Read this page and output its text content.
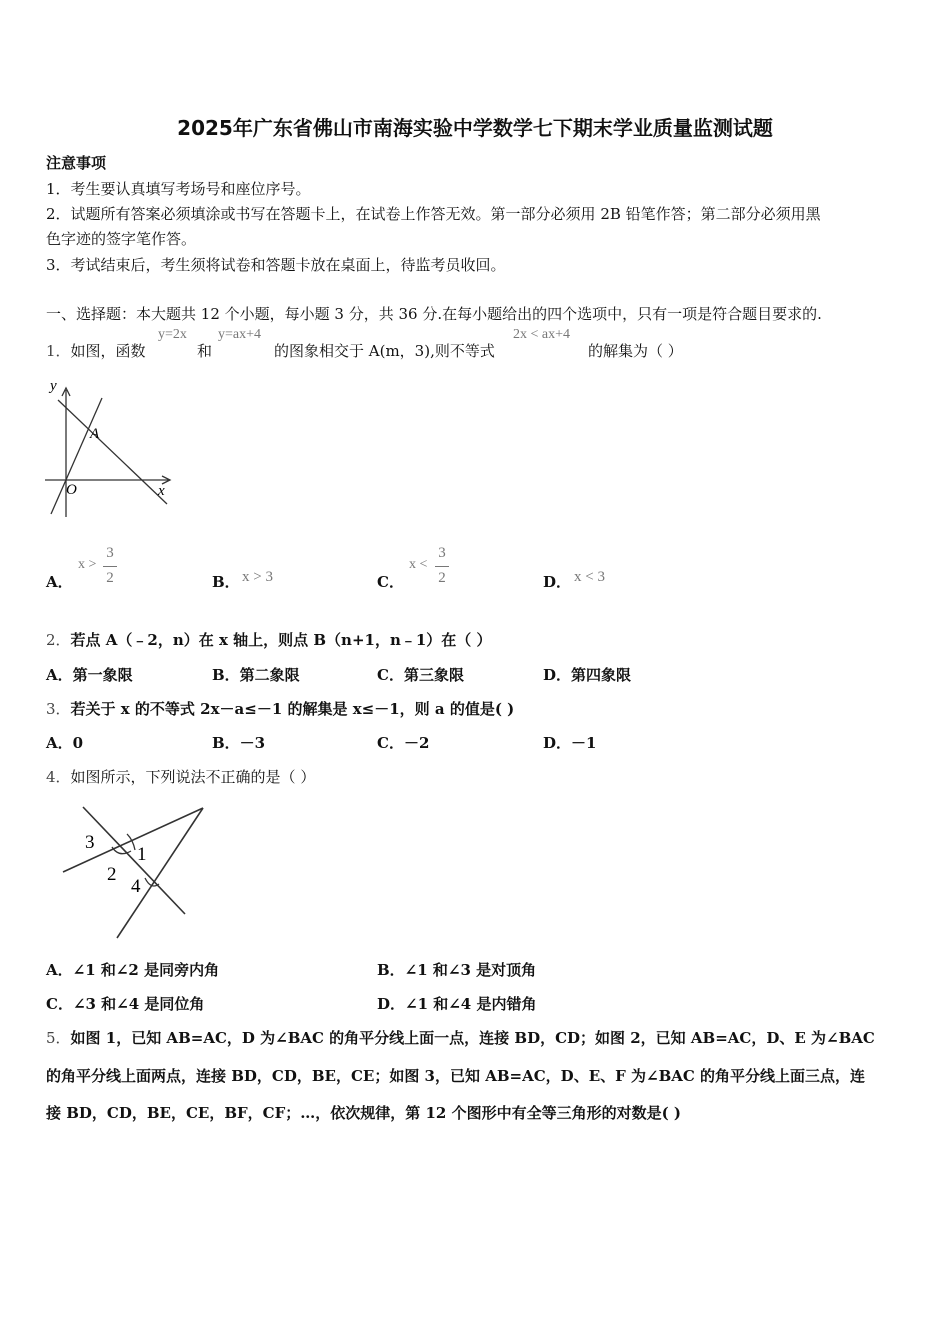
2025年广东省佛山市南海实验中学数学七下期末学业质量监测试题
注意事项
1．考生要认真填写考场号和座位序号。
2．试题所有答案必须填涂或书写在答题卡上，在试卷上作答无效。第一部分必须用 2B 铅笔作答；第二部分必须用黑
色字迹的签字笔作答。
3．考试结束后，考生须将试卷和答题卡放在桌面上，待监考员收回。
一、选择题：本大题共 12 个小题，每小题 3 分，共 36 分.在每小题给出的四个选项中，只有一项是符合题目要求的.
1．如图，函数
y=2x
和
y=ax+4
的图象相交于 A(m，3),则不等式
2x < ax+4
的解集为（ ）
y
x
O
A
A．
x >
3
2	B． x > 3	C．
x <
3
2	D． x < 3
2．若点 A（﹣2，n）在 x 轴上，则点 B（n+1，n﹣1）在（ ）
A．第一象限	B．第二象限	C．第三象限	D．第四象限
3．若关于 x 的不等式 2x－a≤－1 的解集是 x≤－1，则 a 的值是( )
A．0	B．－3	C．－2	D．－1
4．如图所示，下列说法不正确的是（ ）
3
1
2
4
A．∠1 和∠2 是同旁内角	B．∠1 和∠3 是对顶角
C．∠3 和∠4 是同位角	D．∠1 和∠4 是内错角
5．如图 1，已知 AB=AC，D 为∠BAC 的角平分线上面一点，连接 BD，CD；如图 2，已知 AB=AC，D、E 为∠BAC
的角平分线上面两点，连接 BD，CD，BE，CE；如图 3，已知 AB=AC，D、E、F 为∠BAC 的角平分线上面三点，连
接 BD，CD，BE，CE，BF，CF；…，依次规律，第 12 个图形中有全等三角形的对数是( )
